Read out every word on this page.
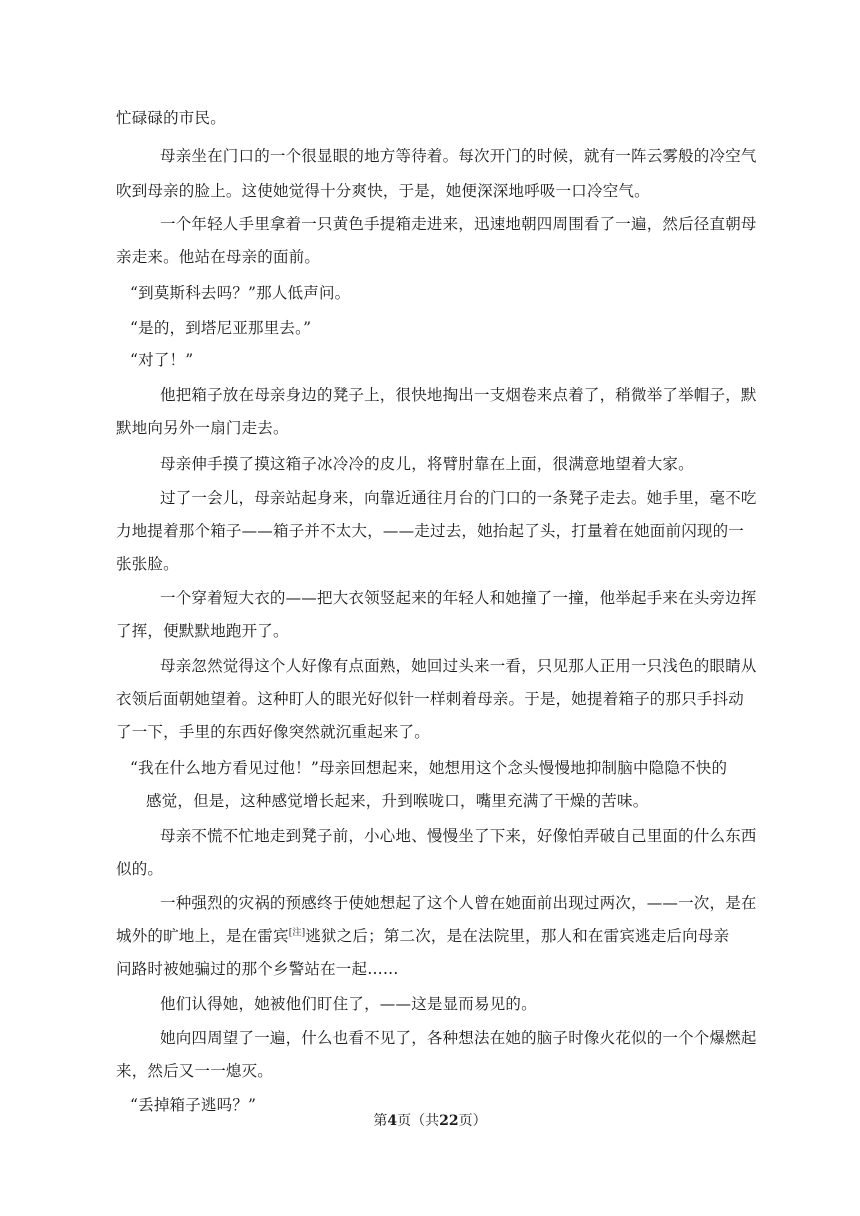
忙碌碌的市民。
母亲坐在门口的一个很显眼的地方等待着。每次开门的时候，就有一阵云雾般的冷空气
吹到母亲的脸上。这使她觉得十分爽快，于是，她便深深地呼吸一口冷空气。
一个年轻人手里拿着一只黄色手提箱走进来，迅速地朝四周围看了一遍，然后径直朝母
亲走来。他站在母亲的面前。
“到莫斯科去吗？”那人低声问。
“是的，到塔尼亚那里去。”
“对了！”
他把箱子放在母亲身边的凳子上，很快地掏出一支烟卷来点着了，稍微举了举帽子，默
默地向另外一扇门走去。
母亲伸手摸了摸这箱子冰冷冷的皮儿，将臂肘靠在上面，很满意地望着大家。
过了一会儿，母亲站起身来，向靠近通往月台的门口的一条凳子走去。她手里，毫不吃
力地提着那个箱子——箱子并不太大，——走过去，她抬起了头，打量着在她面前闪现的一
张张脸。
一个穿着短大衣的——把大衣领竖起来的年轻人和她撞了一撞，他举起手来在头旁边挥
了挥，便默默地跑开了。
母亲忽然觉得这个人好像有点面熟，她回过头来一看，只见那人正用一只浅色的眼睛从
衣领后面朝她望着。这种盯人的眼光好似针一样刺着母亲。于是，她提着箱子的那只手抖动
了一下，手里的东西好像突然就沉重起来了。
“我在什么地方看见过他！”母亲回想起来，她想用这个念头慢慢地抑制脑中隐隐不快的
感觉，但是，这种感觉增长起来，升到喉咙口，嘴里充满了干燥的苦味。
母亲不慌不忙地走到凳子前，小心地、慢慢坐了下来，好像怕弄破自己里面的什么东西
似的。
一种强烈的灾祸的预感终于使她想起了这个人曾在她面前出现过两次，——一次，是在
城外的旷地上，是在雷宾[注]逃狱之后；第二次，是在法院里，那人和在雷宾逃走后向母亲
问路时被她骗过的那个乡警站在一起……
他们认得她，她被他们盯住了，——这是显而易见的。
她向四周望了一遍，什么也看不见了，各种想法在她的脑子时像火花似的一个个爆燃起
来，然后又一一熄灭。
“丢掉箱子逃吗？”
第4页（共22页）
